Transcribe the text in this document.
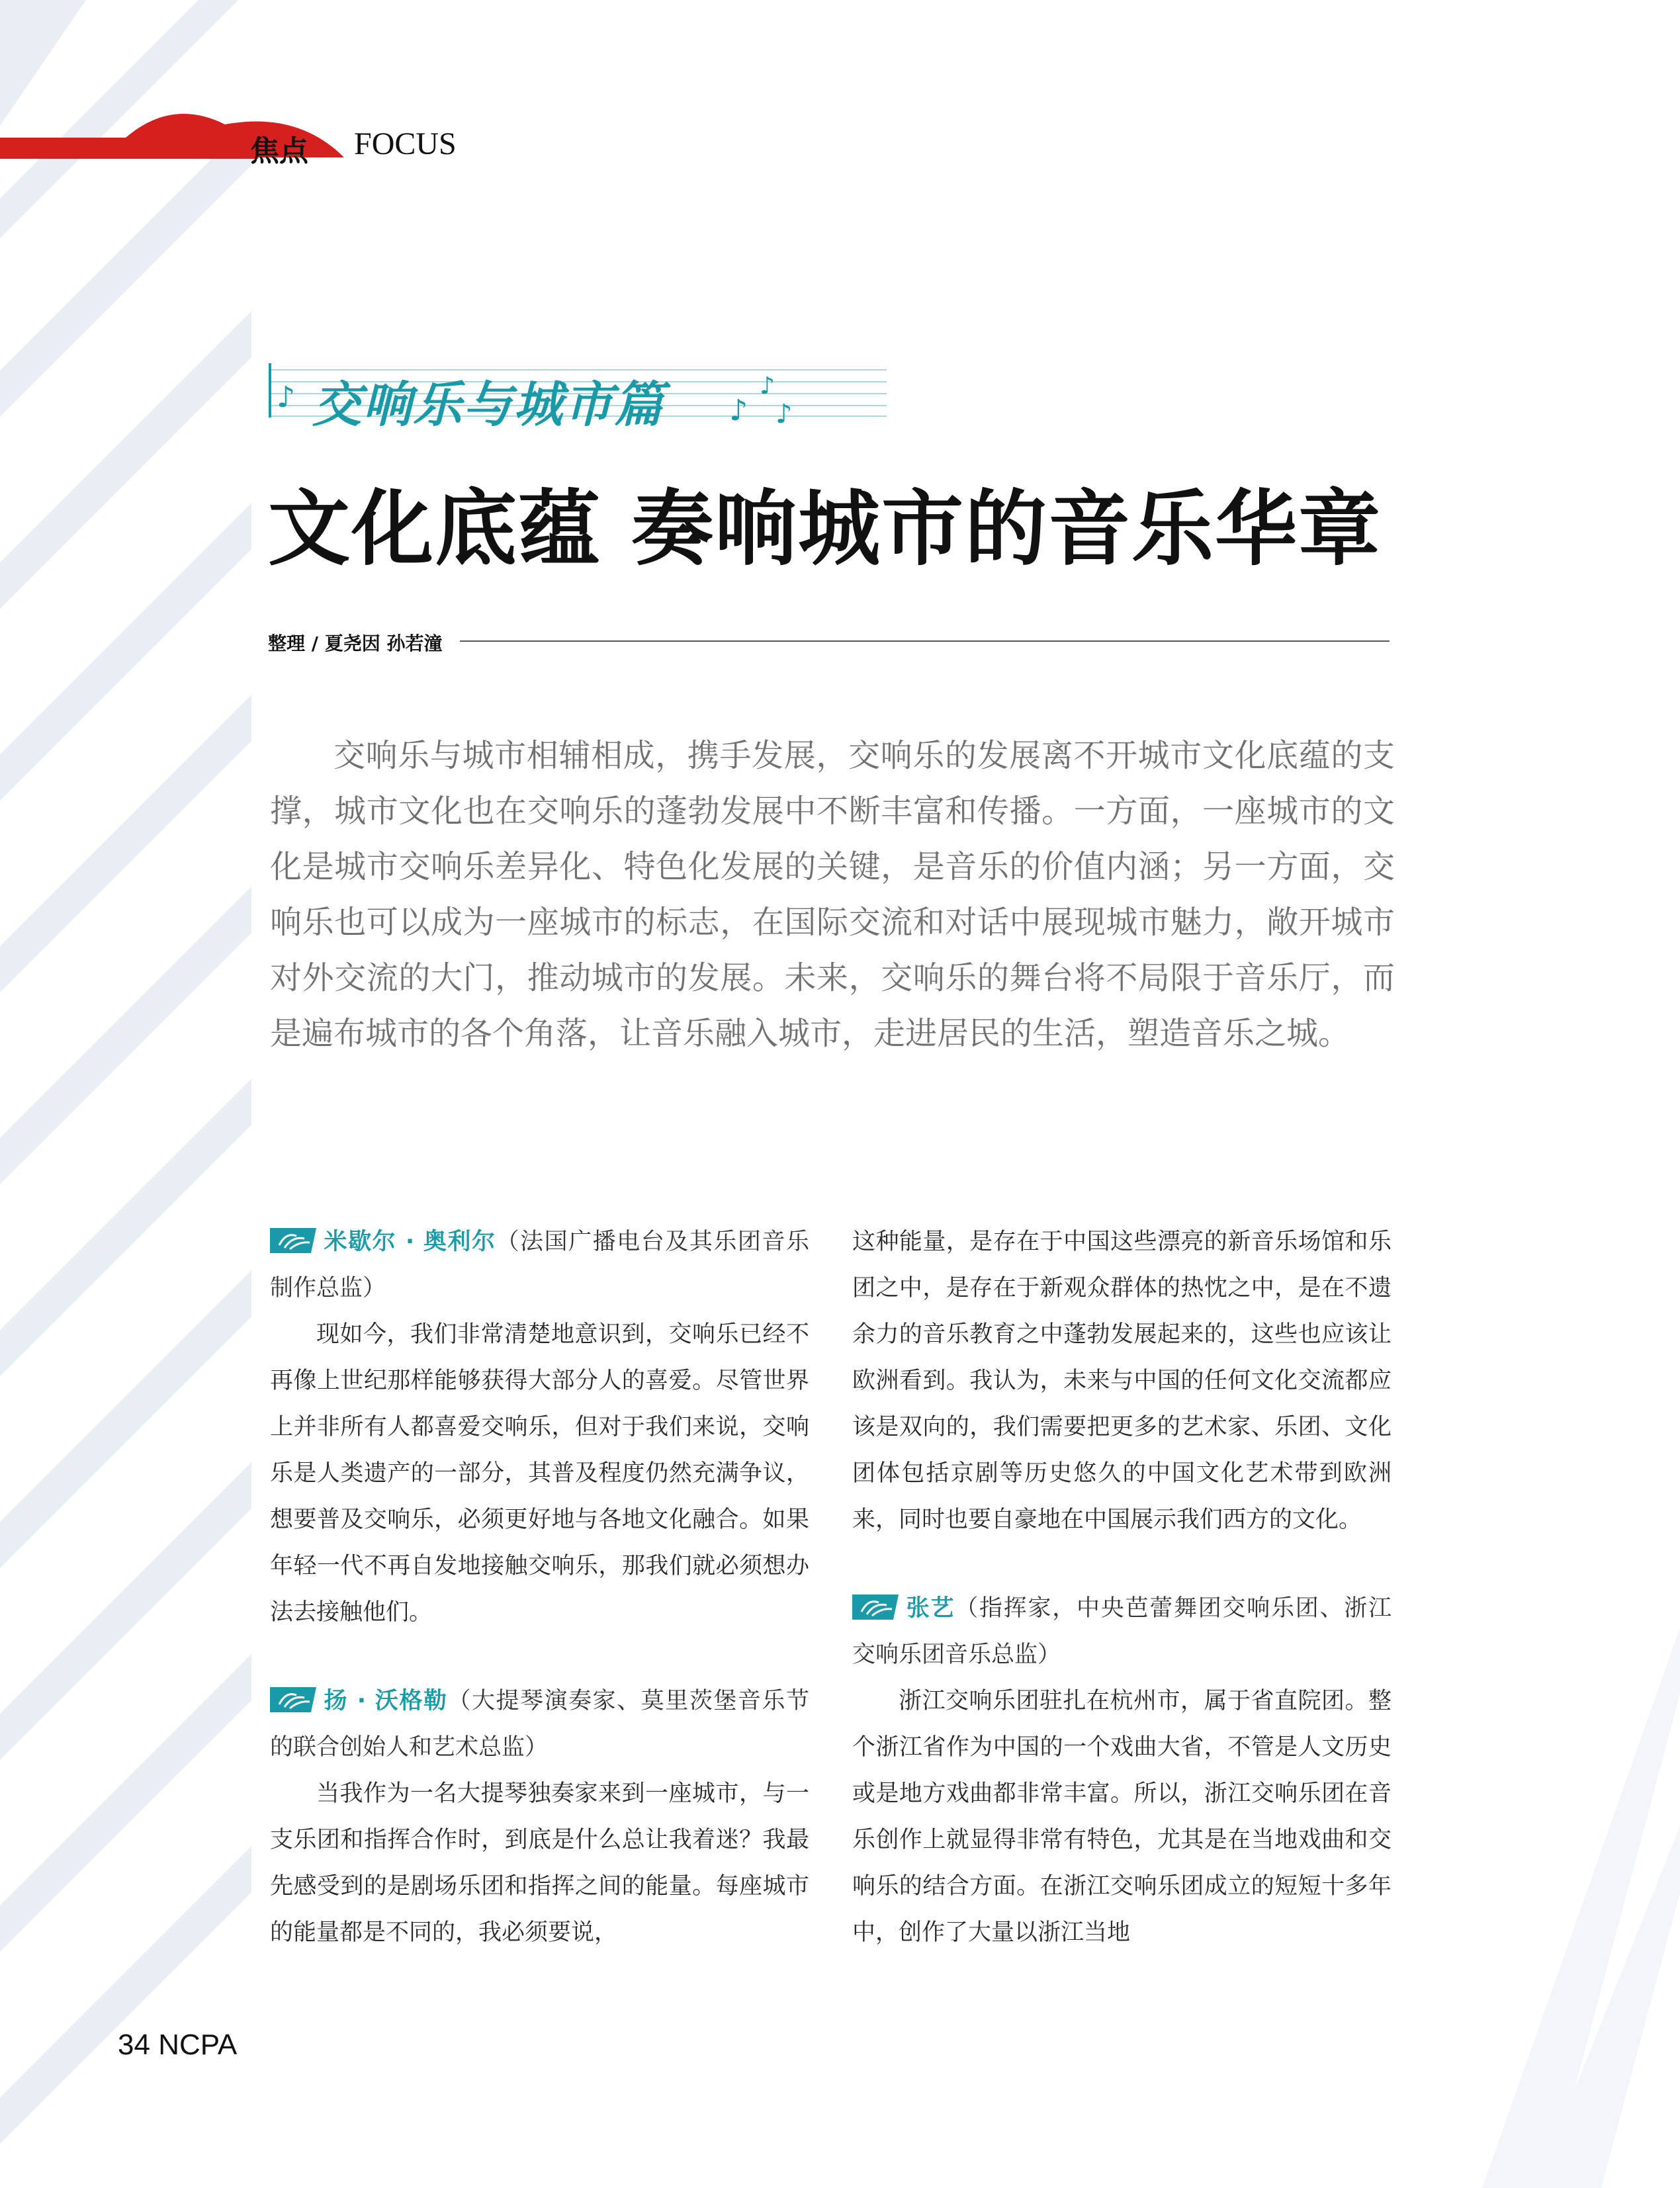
焦点 FOCUS
♪	♪
♪
♪
交响乐与城市篇
文化底蕴 奏响城市的音乐华章
整理 / 夏尧因 孙若潼

交响乐与城市相辅相成，携手发展，交响乐的发展离不开城市文化底蕴的支撑，城市文化也在交响乐的蓬勃发展中不断丰富和传播。一方面，一座城市的文化是城市交响乐差异化、特色化发展的关键，是音乐的价值内涵；另一方面，交响乐也可以成为一座城市的标志，在国际交流和对话中展现城市魅力，敞开城市对外交流的大门，推动城市的发展。未来，交响乐的舞台将不局限于音乐厅，而是遍布城市的各个角落，让音乐融入城市，走进居民的生活，塑造音乐之城。

米歇尔 · 奥利尔（法国广播电台及其乐团音乐制作总监）

现如今，我们非常清楚地意识到，交响乐已经不再像上世纪那样能够获得大部分人的喜爱。尽管世界上并非所有人都喜爱交响乐，但对于我们来说，交响乐是人类遗产的一部分，其普及程度仍然充满争议，想要普及交响乐，必须更好地与各地文化融合。如果年轻一代不再自发地接触交响乐，那我们就必须想办法去接触他们。

扬 · 沃格勒（大提琴演奏家、莫里茨堡音乐节的联合创始人和艺术总监）

当我作为一名大提琴独奏家来到一座城市，与一支乐团和指挥合作时，到底是什么总让我着迷？我最先感受到的是剧场乐团和指挥之间的能量。每座城市的能量都是不同的，我必须要说，

这种能量，是存在于中国这些漂亮的新音乐场馆和乐团之中，是存在于新观众群体的热忱之中，是在不遗余力的音乐教育之中蓬勃发展起来的，这些也应该让欧洲看到。我认为，未来与中国的任何文化交流都应该是双向的，我们需要把更多的艺术家、乐团、文化团体包括京剧等历史悠久的中国文化艺术带到欧洲来，同时也要自豪地在中国展示我们西方的文化。

张艺（指挥家，中央芭蕾舞团交响乐团、浙江交响乐团音乐总监）

浙江交响乐团驻扎在杭州市，属于省直院团。整个浙江省作为中国的一个戏曲大省，不管是人文历史或是地方戏曲都非常丰富。所以，浙江交响乐团在音乐创作上就显得非常有特色，尤其是在当地戏曲和交响乐的结合方面。在浙江交响乐团成立的短短十多年中，创作了大量以浙江当地

34 NCPA
